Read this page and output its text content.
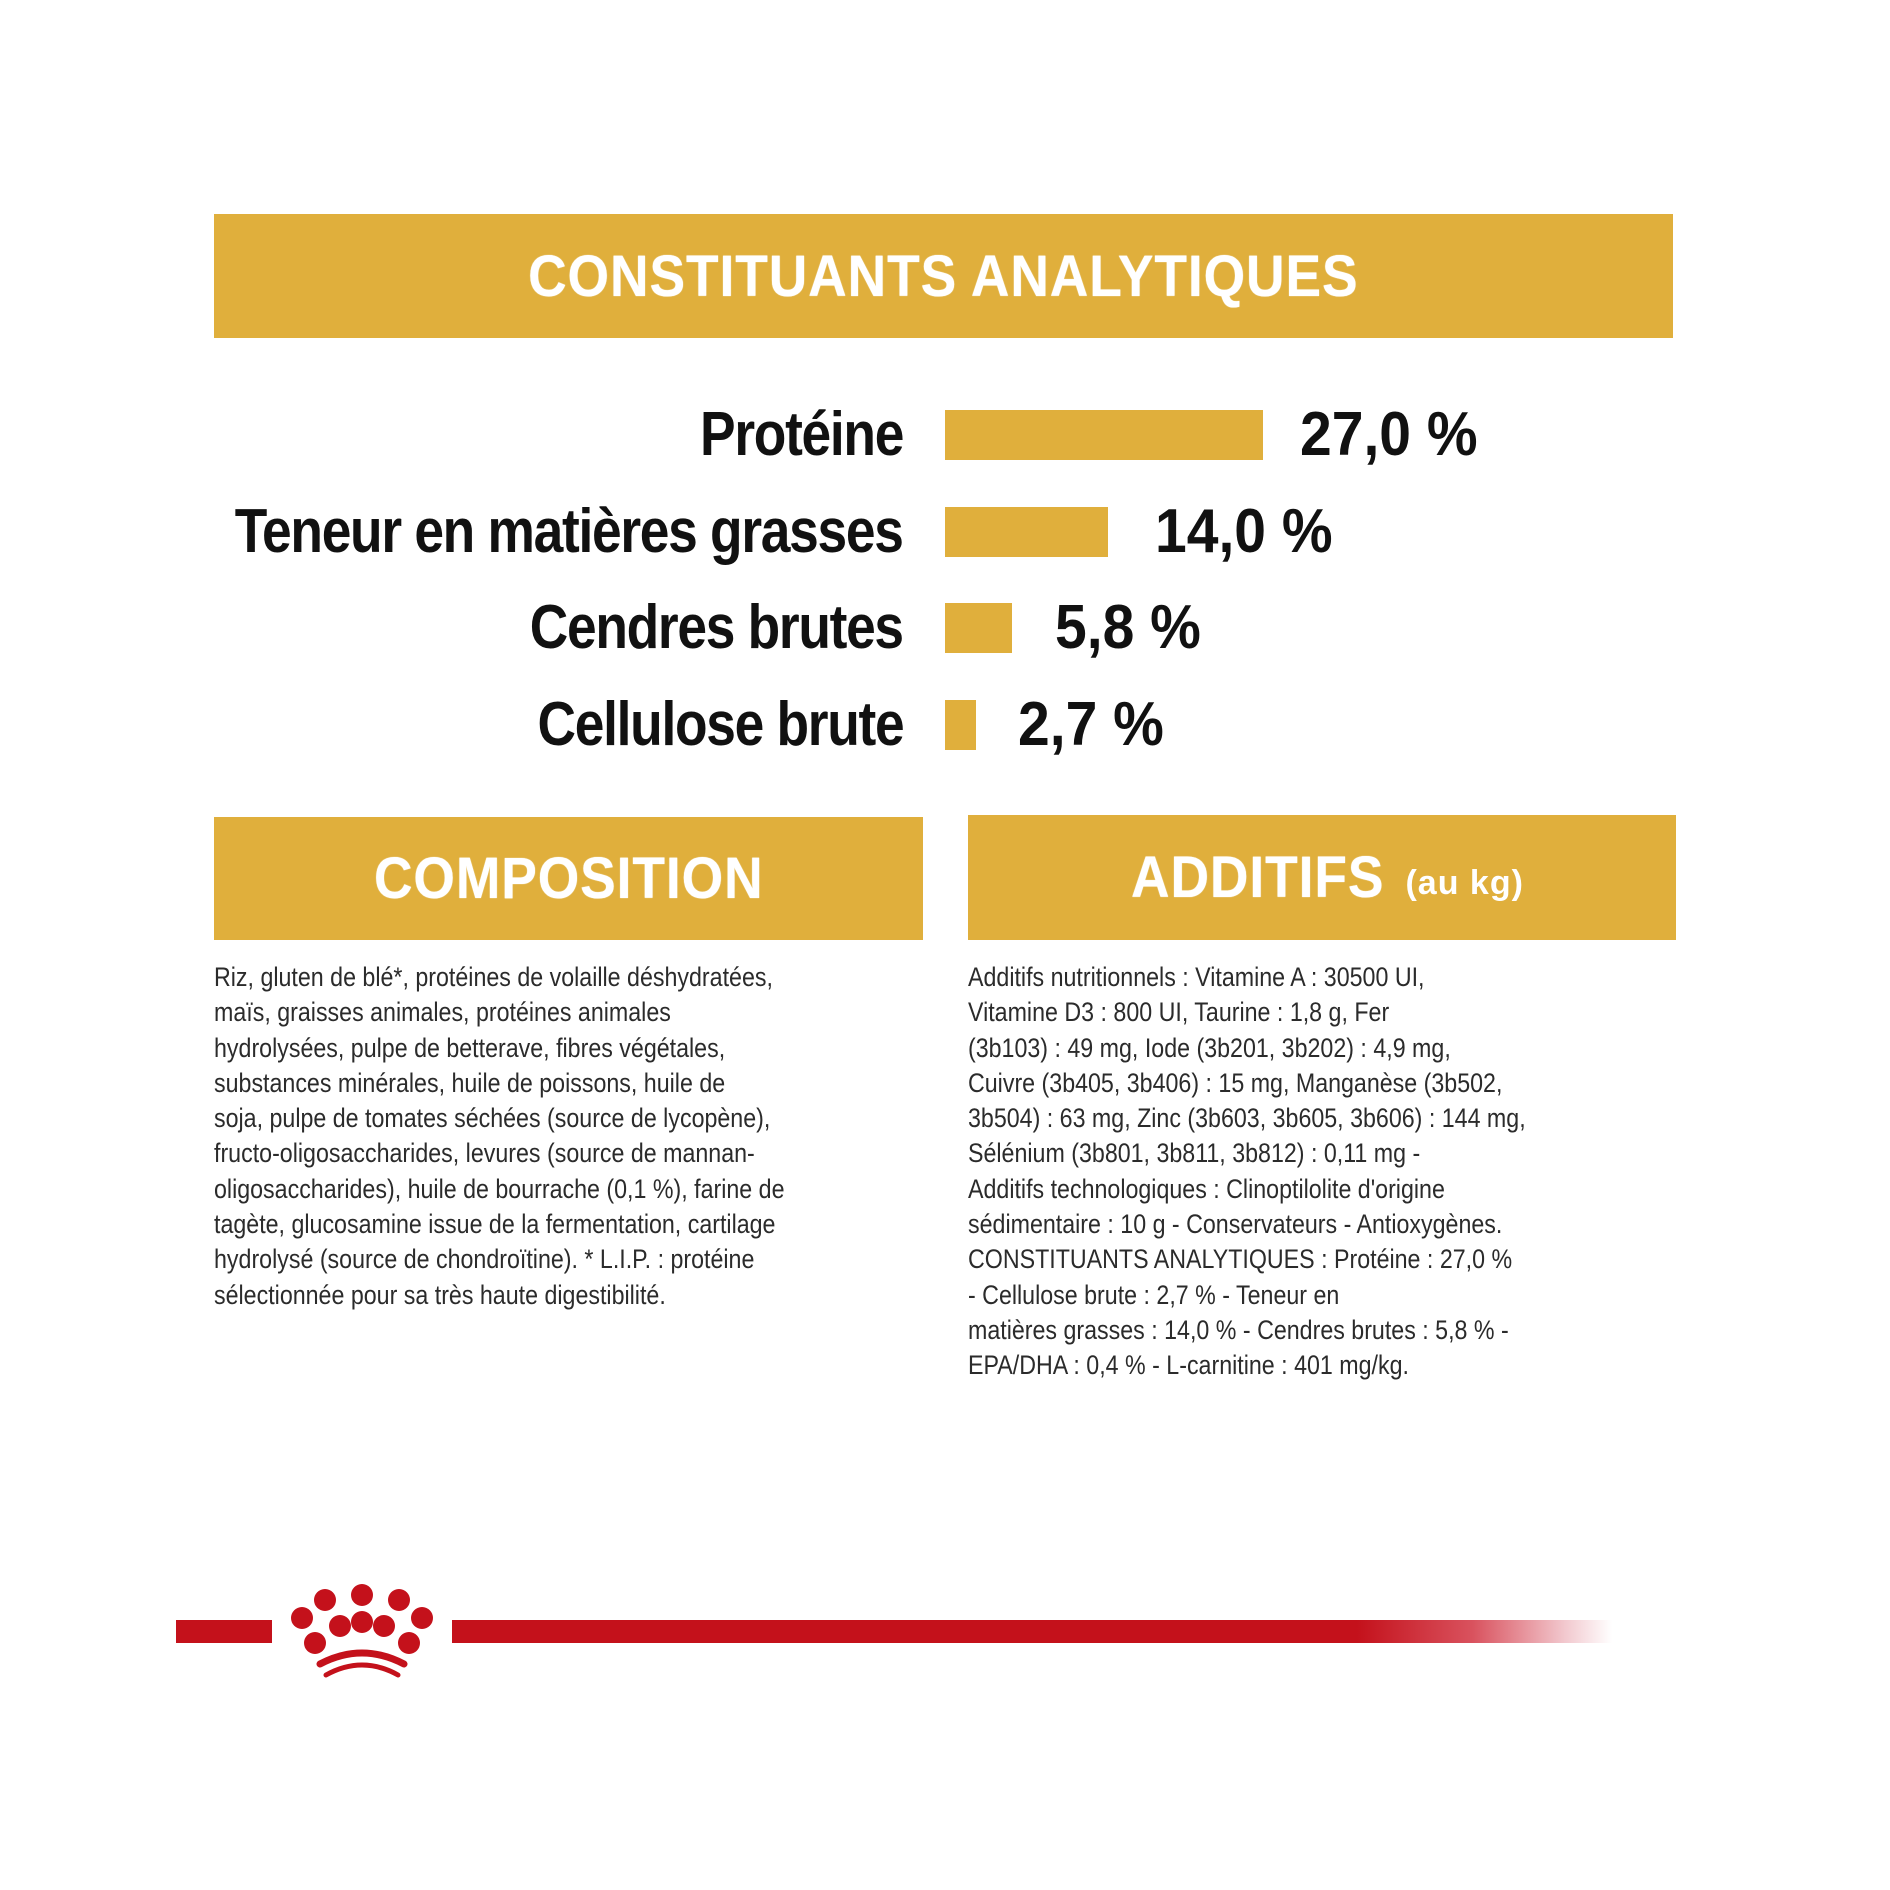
CONSTITUANTS ANALYTIQUES
Protéine	27,0 %
Teneur en matières grasses	14,0 %
Cendres brutes 5,8 %
Cellulose brute 2,7 %
COMPOSITION	ADDITIFS (au kg)
Riz, gluten de blé*, protéines de volaille déshydratées,
maïs, graisses animales, protéines animales
hydrolysées, pulpe de betterave, fibres végétales,
substances minérales, huile de poissons, huile de
soja, pulpe de tomates séchées (source de lycopène),
fructo-oligosaccharides, levures (source de mannan-
oligosaccharides), huile de bourrache (0,1 %), farine de
tagète, glucosamine issue de la fermentation, cartilage
hydrolysé (source de chondroïtine). * L.I.P. : protéine
sélectionnée pour sa très haute digestibilité.
Additifs nutritionnels : Vitamine A : 30500 UI,
Vitamine D3 : 800 UI, Taurine : 1,8 g, Fer
(3b103) : 49 mg, Iode (3b201, 3b202) : 4,9 mg,
Cuivre (3b405, 3b406) : 15 mg, Manganèse (3b502,
3b504) : 63 mg, Zinc (3b603, 3b605, 3b606) : 144 mg,
Sélénium (3b801, 3b811, 3b812) : 0,11 mg -
Additifs technologiques : Clinoptilolite d'origine
sédimentaire : 10 g - Conservateurs - Antioxygènes.
CONSTITUANTS ANALYTIQUES : Protéine : 27,0 %
- Cellulose brute : 2,7 % - Teneur en
matières grasses : 14,0 % - Cendres brutes : 5,8 % -
EPA/DHA : 0,4 % - L-carnitine : 401 mg/kg.
